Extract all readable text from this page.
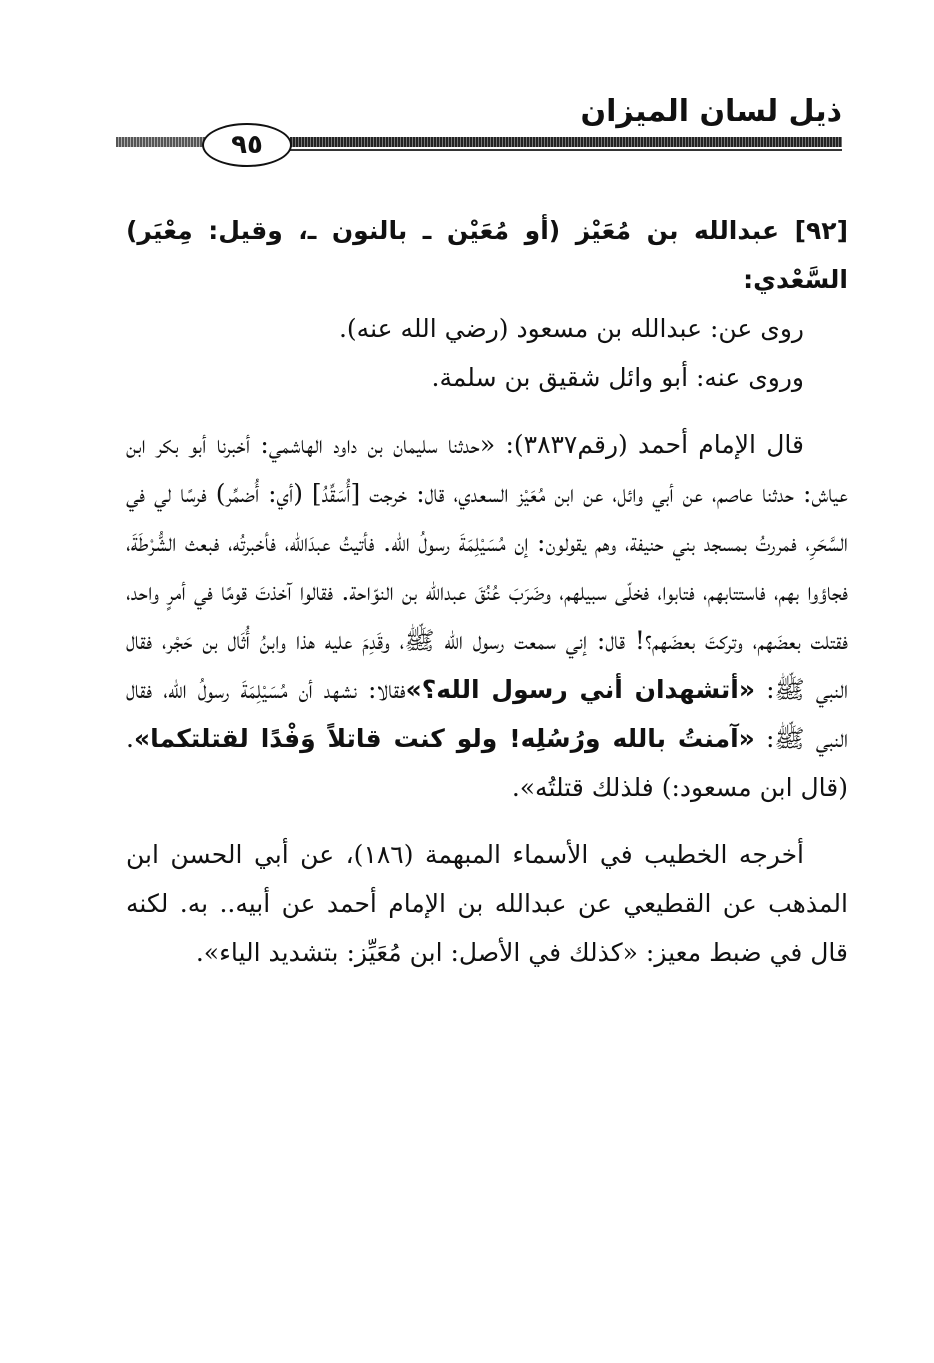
ذيل لسان الميزان
٩٥

[٩٢] عبدالله بن مُعَيْز (أو مُعَيْن ـ بالنون ـ، وقيل: مِعْيَر) السَّعْدي:

روى عن: عبدالله بن مسعود (رضي الله عنه).

وروى عنه: أبو وائل شقيق بن سلمة.

قال الإمام أحمد (رقم٣٨٣٧): «حدثنا سليمان بن داود الهاشمي: أخبرنا أبو بكر ابن عياش: حدثنا عاصم، عن أبي وائل، عن ابن مُعَيْز السعدي، قال: خرجت [أُسَقِّدُ] (أي: أُضمِّر) فرسًا لي في السَّحَرِ، فمررتُ بمسجد بني حنيفة، وهم يقولون: إن مُسَيْلِمَةَ رسولُ الله. فأتيتُ عبدَالله، فأخبرتُه، فبعث الشُّرْطَةَ، فجاؤوا بهم، فاستتابهم، فتابوا، فخلّى سبيلهم، وضَرَبَ عُنُقَ عبدالله بن النوّاحة. فقالوا آخذتَ قومًا في أمرٍ واحد، فقتلت بعضَهم، وتركتَ بعضَهم؟! قال: إني سمعت رسول الله ﷺ، وقَدِمَ عليه هذا وابنُ أُثَال بن حَجْر، فقال النبي ﷺ: «أتشهدان أني رسول الله؟»فقالا: نشهد أن مُسَيْلِمَةَ رسولُ الله، فقال النبي ﷺ: «آمنتُ بالله ورُسُلِه! ولو كنت قاتلاً وَفْدًا لقتلتكما». (قال ابن مسعود:) فلذلك قتلتُه».

أخرجه الخطيب في الأسماء المبهمة (١٨٦)، عن أبي الحسن ابن المذهب عن القطيعي عن عبدالله بن الإمام أحمد عن أبيه.. به. لكنه قال في ضبط معيز: «كذلك في الأصل: ابن مُعَيِّز: بتشديد الياء».
